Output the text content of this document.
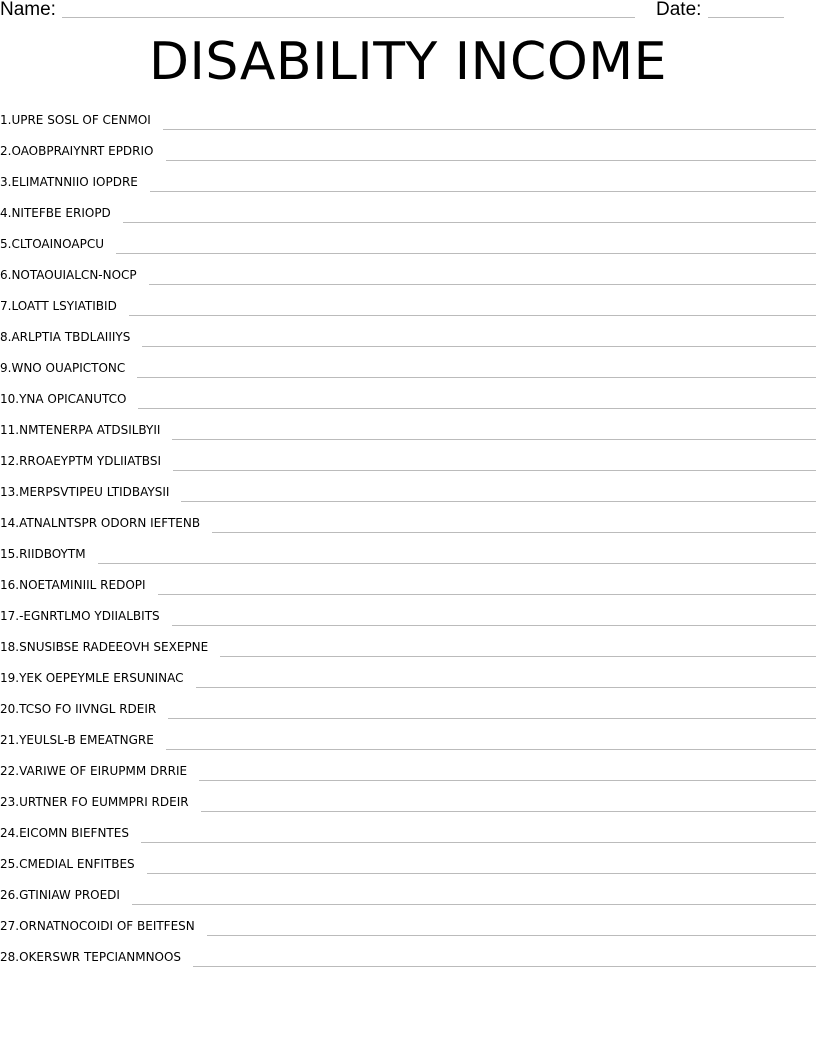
Name:	Date:
DISABILITY INCOME
1. UPRE SOSL OF CENMOI
2. OAOBPRAIYNRT EPDRIO
3. ELIMATNNIIO IOPDRE
4. NITEFBE ERIOPD
5. CLTOAINOAPCU
6. NOTAOUIALCN-NOCP
7. LOATT LSYIATIBID
8. ARLPTIA TBDLAIIIYS
9. WNO OUAPICTONC
10. YNA OPICANUTCO
11. NMTENERPA ATDSILBYII
12. RROAEYPTM YDLIIATBSI
13. MERPSVTIPEU LTIDBAYSII
14. ATNALNTSPR ODORN IEFTENB
15. RIIDBOYTM
16. NOETAMINIIL REDOPI
17. -EGNRTLMO YDIIALBITS
18. SNUSIBSE RADEEOVH SEXEPNE
19. YEK OEPEYMLE ERSUNINAC
20. TCSO FO IIVNGL RDEIR
21. YEULSL-B EMEATNGRE
22. VARIWE OF EIRUPMM DRRIE
23. URTNER FO EUMMPRI RDEIR
24. EICOMN BIEFNTES
25. CMEDIAL ENFITBES
26. GTINIAW PROEDI
27. ORNATNOCOIDI OF BEITFESN
28. OKERSWR TEPCIANMNOOS
